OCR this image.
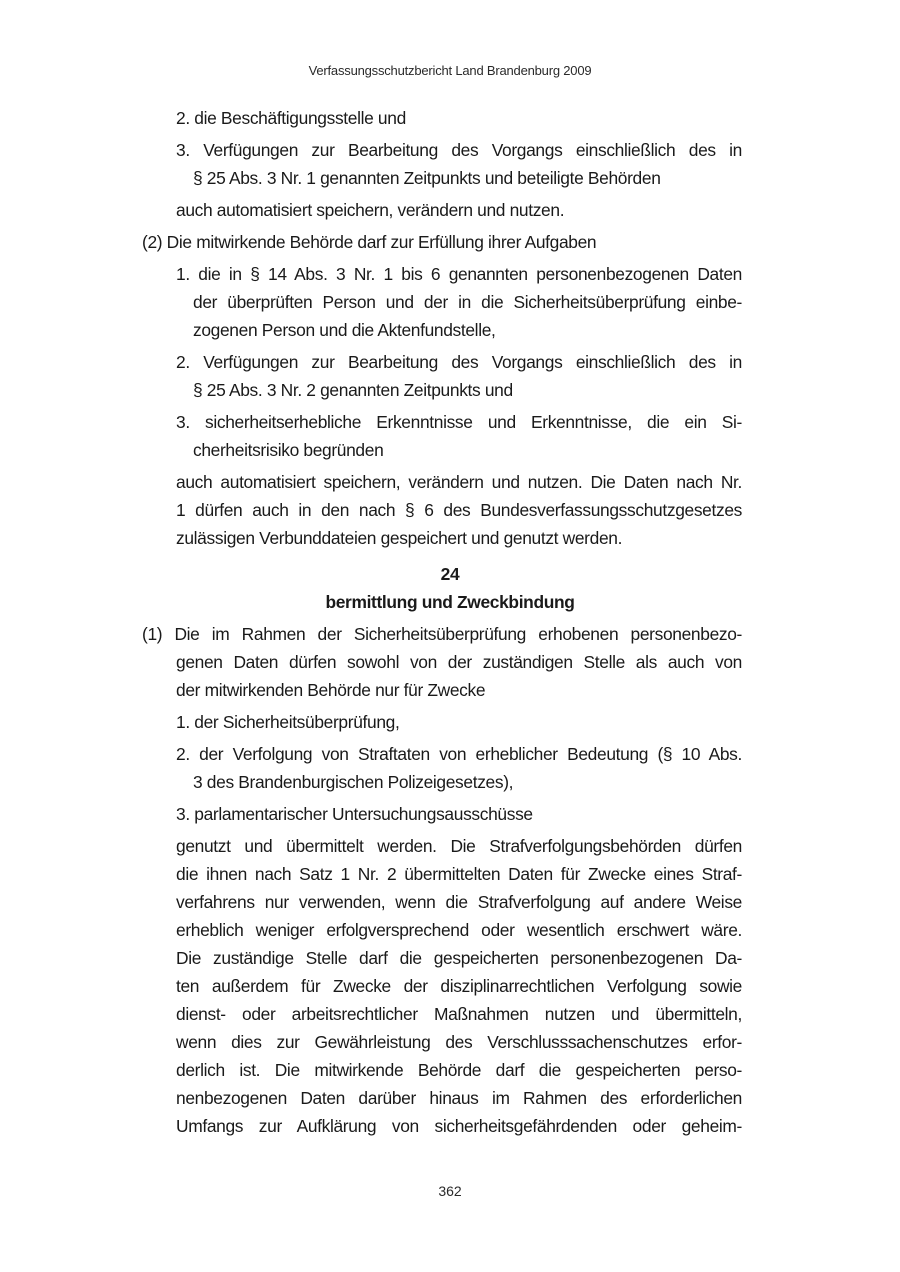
Verfassungsschutzbericht Land Brandenburg 2009
2. die Beschäftigungsstelle und
3. Verfügungen zur Bearbeitung des Vorgangs einschließlich des in
§ 25 Abs. 3 Nr. 1 genannten Zeitpunkts und beteiligte Behörden
auch automatisiert speichern, verändern und nutzen.
(2) Die mitwirkende Behörde darf zur Erfüllung ihrer Aufgaben
1. die in § 14 Abs. 3 Nr. 1 bis 6 genannten personenbezogenen Daten
der überprüften Person und der in die Sicherheitsüberprüfung einbe-
zogenen Person und die Aktenfundstelle,
2. Verfügungen zur Bearbeitung des Vorgangs einschließlich des in
§ 25 Abs. 3 Nr. 2 genannten Zeitpunkts und
3. sicherheitserhebliche Erkenntnisse und Erkenntnisse, die ein Si-
cherheitsrisiko begründen
auch automatisiert speichern, verändern und nutzen. Die Daten nach Nr.
1 dürfen auch in den nach § 6 des Bundesverfassungsschutzgesetzes
zulässigen Verbunddateien gespeichert und genutzt werden.
24
bermittlung und Zweckbindung
(1) Die im Rahmen der Sicherheitsüberprüfung erhobenen personenbezo-
genen Daten dürfen sowohl von der zuständigen Stelle als auch von
der mitwirkenden Behörde nur für Zwecke
1. der Sicherheitsüberprüfung,
2. der Verfolgung von Straftaten von erheblicher Bedeutung (§ 10 Abs.
3 des Brandenburgischen Polizeigesetzes),
3. parlamentarischer Untersuchungsausschüsse
genutzt und übermittelt werden. Die Strafverfolgungsbehörden dürfen
die ihnen nach Satz 1 Nr. 2 übermittelten Daten für Zwecke eines Straf-
verfahrens nur verwenden, wenn die Strafverfolgung auf andere Weise
erheblich weniger erfolgversprechend oder wesentlich erschwert wäre.
Die zuständige Stelle darf die gespeicherten personenbezogenen Da-
ten außerdem für Zwecke der disziplinarrechtlichen Verfolgung sowie
dienst- oder arbeitsrechtlicher Maßnahmen nutzen und übermitteln,
wenn dies zur Gewährleistung des Verschlusssachenschutzes erfor-
derlich ist. Die mitwirkende Behörde darf die gespeicherten perso-
nenbezogenen Daten darüber hinaus im Rahmen des erforderlichen
Umfangs zur Aufklärung von sicherheitsgefährdenden oder geheim-
362
